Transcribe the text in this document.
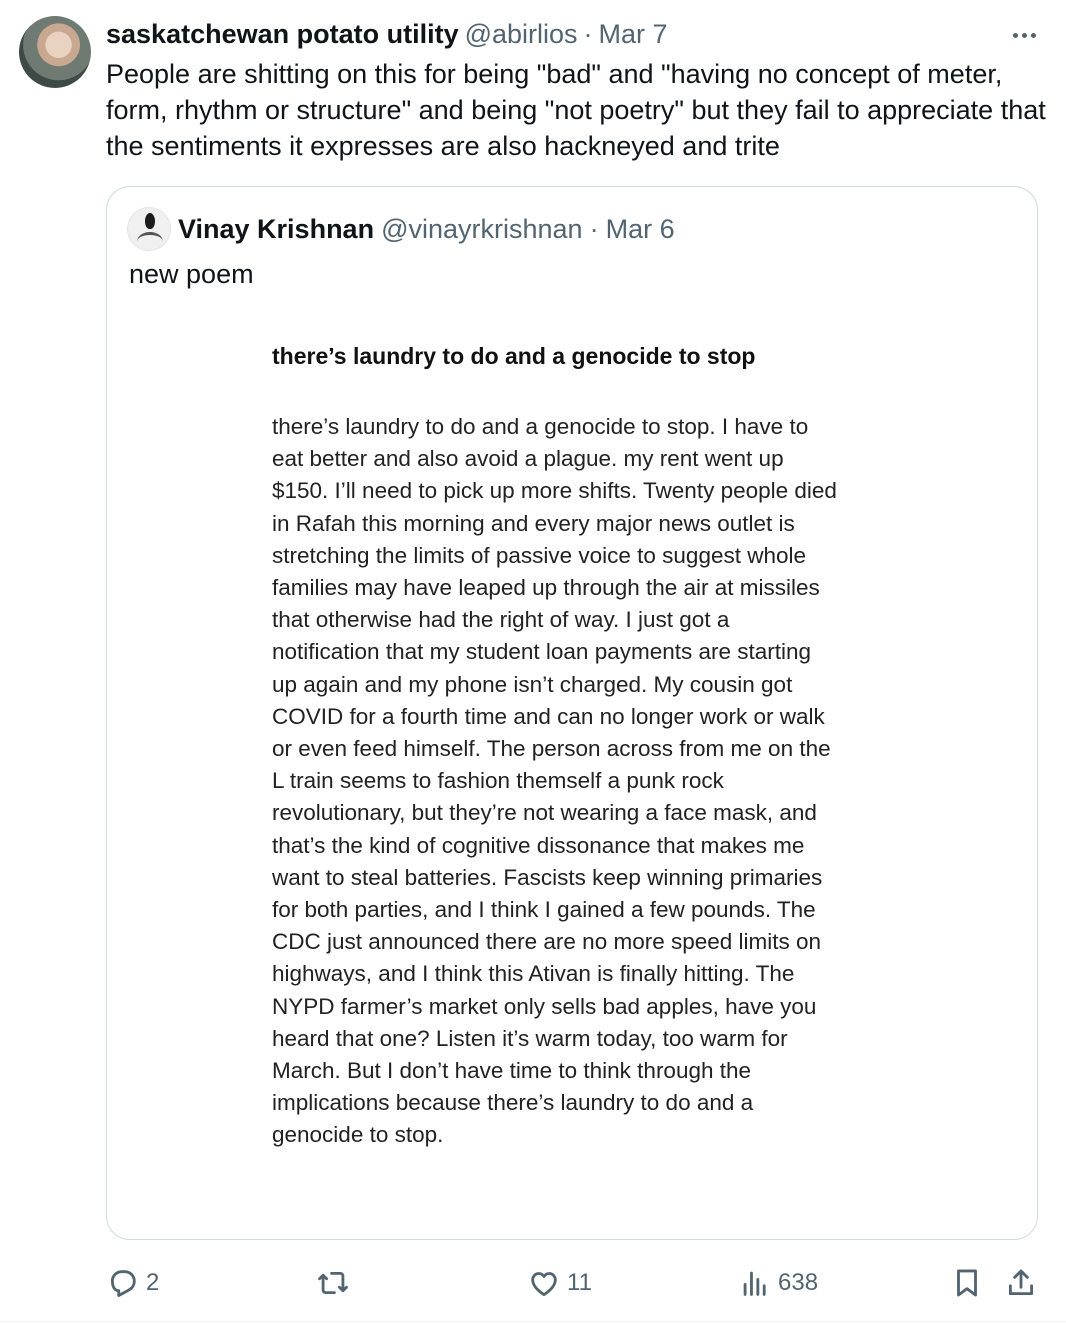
saskatchewan potato utility @abirlios · Mar 7
People are shitting on this for being "bad" and "having no concept of meter, form, rhythm or structure" and being "not poetry" but they fail to appreciate that the sentiments it expresses are also hackneyed and trite
Vinay Krishnan @vinayrkrishnan · Mar 6
new poem
there’s laundry to do and a genocide to stop
there’s laundry to do and a genocide to stop. I have to
eat better and also avoid a plague. my rent went up
$150. I’ll need to pick up more shifts. Twenty people died
in Rafah this morning and every major news outlet is
stretching the limits of passive voice to suggest whole
families may have leaped up through the air at missiles
that otherwise had the right of way. I just got a
notification that my student loan payments are starting
up again and my phone isn’t charged. My cousin got
COVID for a fourth time and can no longer work or walk
or even feed himself. The person across from me on the
L train seems to fashion themself a punk rock
revolutionary, but they’re not wearing a face mask, and
that’s the kind of cognitive dissonance that makes me
want to steal batteries. Fascists keep winning primaries
for both parties, and I think I gained a few pounds. The
CDC just announced there are no more speed limits on
highways, and I think this Ativan is finally hitting. The
NYPD farmer’s market only sells bad apples, have you
heard that one? Listen it’s warm today, too warm for
March. But I don’t have time to think through the
implications because there’s laundry to do and a
genocide to stop.
2	11	638
